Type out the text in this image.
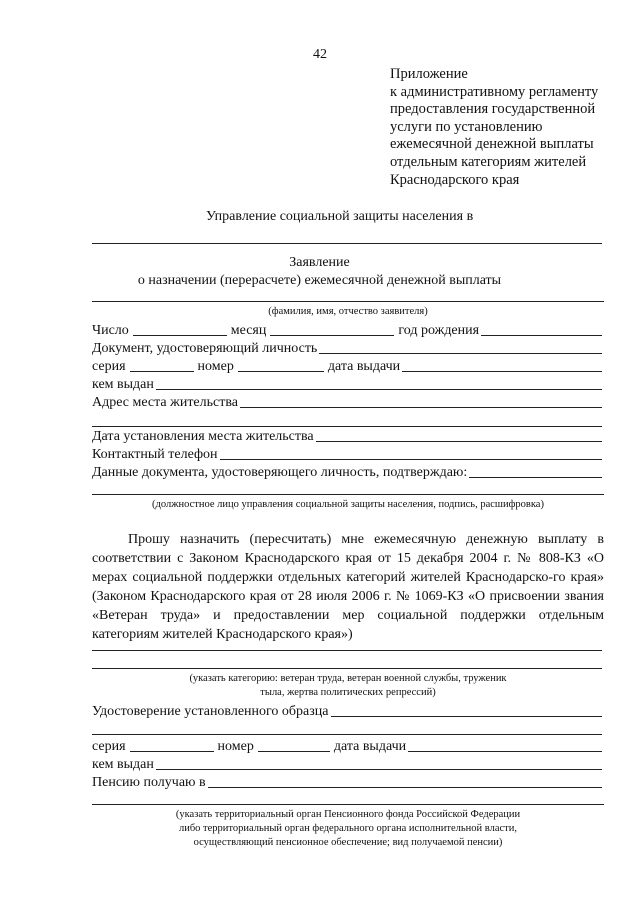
42
Приложение
к административному регламенту
предоставления государственной
услуги по установлению
ежемесячной денежной выплаты
отдельным категориям жителей
Краснодарского края
Управление социальной защиты населения в
Заявление
о назначении (перерасчете) ежемесячной денежной выплаты
(фамилия, имя, отчество заявителя)
Число	месяц	год рождения
Документ, удостоверяющий личность
серия	номер	дата выдачи
кем выдан
Адрес места жительства
Дата установления места жительства
Контактный телефон
Данные документа, удостоверяющего личность, подтверждаю:
(должностное лицо управления социальной защиты населения, подпись, расшифровка)
Прошу назначить (пересчитать) мне ежемесячную денежную выплату в соответствии с Законом Краснодарского края от 15 декабря 2004 г. № 808-КЗ «О мерах социальной поддержки отдельных категорий жителей Краснодарско-го края» (Законом Краснодарского края от 28 июля 2006 г. № 1069-КЗ «О присвоении звания «Ветеран труда» и предоставлении мер социальной поддержки отдельным категориям жителей Краснодарского края»)
(указать категорию: ветеран труда, ветеран военной службы, труженик
тыла, жертва политических репрессий)
Удостоверение установленного образца
серия	номер	дата выдачи
кем выдан
Пенсию получаю в
(указать территориальный орган Пенсионного фонда Российской Федерации
либо территориальный орган федерального органа исполнительной власти,
осуществляющий пенсионное обеспечение; вид получаемой пенсии)
